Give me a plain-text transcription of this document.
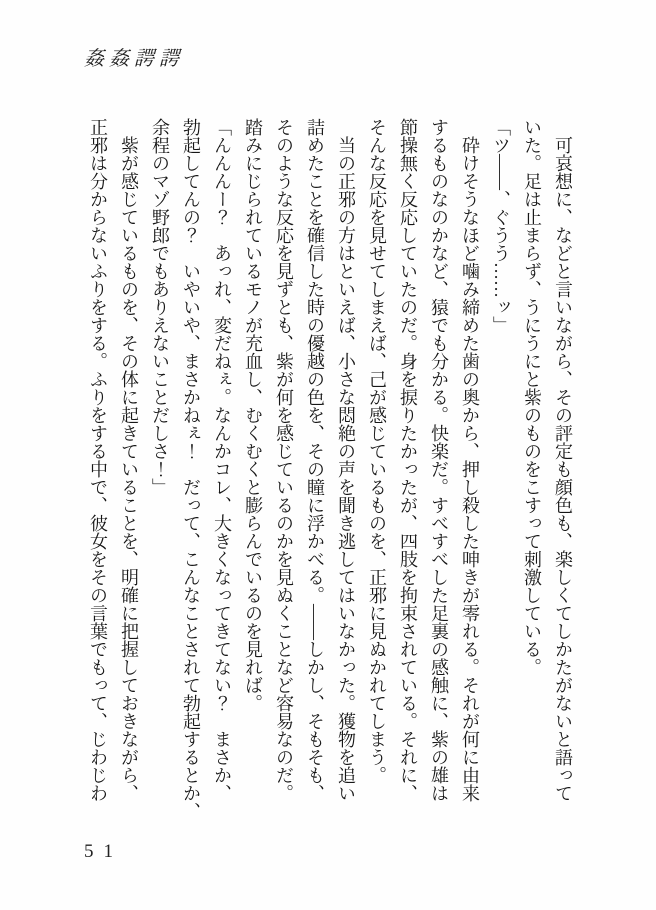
姦姦諤諤
　可哀想に、などと言いながら、その評定も顔色も、楽しくてしかたがないと語って
いた。足は止まらず、うにうにと紫のものをこすって刺激している。
「ツ――、ぐうう……ッ」
　砕けそうなほど噛み締めた歯の奥から、押し殺した呻きが零れる。それが何に由来
するものなのかなど、猿でも分かる。快楽だ。すべすべした足裏の感触に、紫の雄は
節操無く反応していたのだ。身を捩りたかったが、四肢を拘束されている。それに、
そんな反応を見せてしまえば、己が感じているものを、正邪に見ぬかれてしまう。
　当の正邪の方はといえば、小さな悶絶の声を聞き逃してはいなかった。獲物を追い
詰めたことを確信した時の優越の色を、その瞳に浮かべる。――しかし、そもそも、
そのような反応を見ずとも、紫が何を感じているのかを見ぬくことなど容易なのだ。
踏みにじられているモノが充血し、むくむくと膨らんでいるのを見れば。
「んんんー？　あっれ、変だねぇ。なんかコレ、大きくなってきてない？　まさか、
勃起してんの？　いやいや、まさかねぇ！　だって、こんなことされて勃起するとか、
余程のマゾ野郎でもありえないことだしさ！」
　紫が感じているものを、その体に起きていることを、明確に把握しておきながら、
正邪は分からないふりをする。ふりをする中で、彼女をその言葉でもって、じわじわ
51
